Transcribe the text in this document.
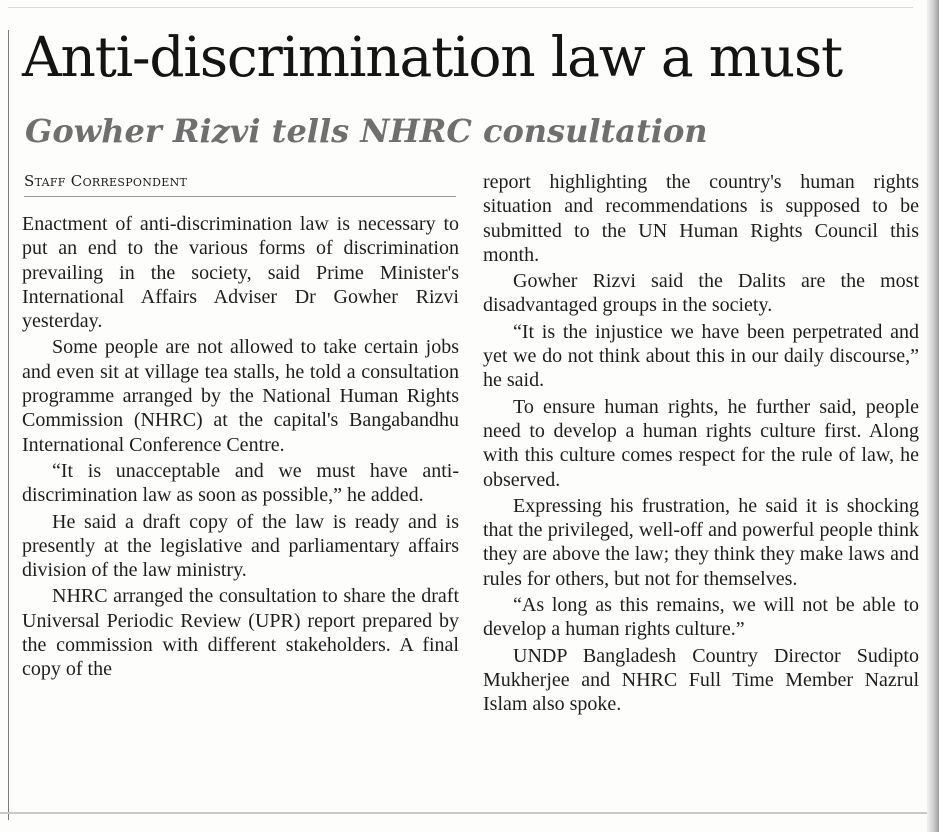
Anti-discrimination law a must
Gowher Rizvi tells NHRC consultation
Staff Correspondent

Enactment of anti-discrimination law is necessary to put an end to the various forms of discrimination prevailing in the society, said Prime Minister's International Affairs Adviser Dr Gowher Rizvi yesterday.

Some people are not allowed to take certain jobs and even sit at village tea stalls, he told a consultation programme arranged by the National Human Rights Commission (NHRC) at the capital's Bangabandhu International Conference Centre.

“It is unacceptable and we must have anti-discrimination law as soon as possible,” he added.

He said a draft copy of the law is ready and is presently at the legislative and parliamentary affairs division of the law ministry.

NHRC arranged the consultation to share the draft Universal Periodic Review (UPR) report prepared by the commission with different stakeholders. A final copy of the

report highlighting the country's human rights situation and recommendations is supposed to be submitted to the UN Human Rights Council this month.

Gowher Rizvi said the Dalits are the most disadvantaged groups in the society.

“It is the injustice we have been perpetrated and yet we do not think about this in our daily discourse,” he said.

To ensure human rights, he further said, people need to develop a human rights culture first. Along with this culture comes respect for the rule of law, he observed.

Expressing his frustration, he said it is shocking that the privileged, well-off and powerful people think they are above the law; they think they make laws and rules for others, but not for themselves.

“As long as this remains, we will not be able to develop a human rights culture.”

UNDP Bangladesh Country Director Sudipto Mukherjee and NHRC Full Time Member Nazrul Islam also spoke.
